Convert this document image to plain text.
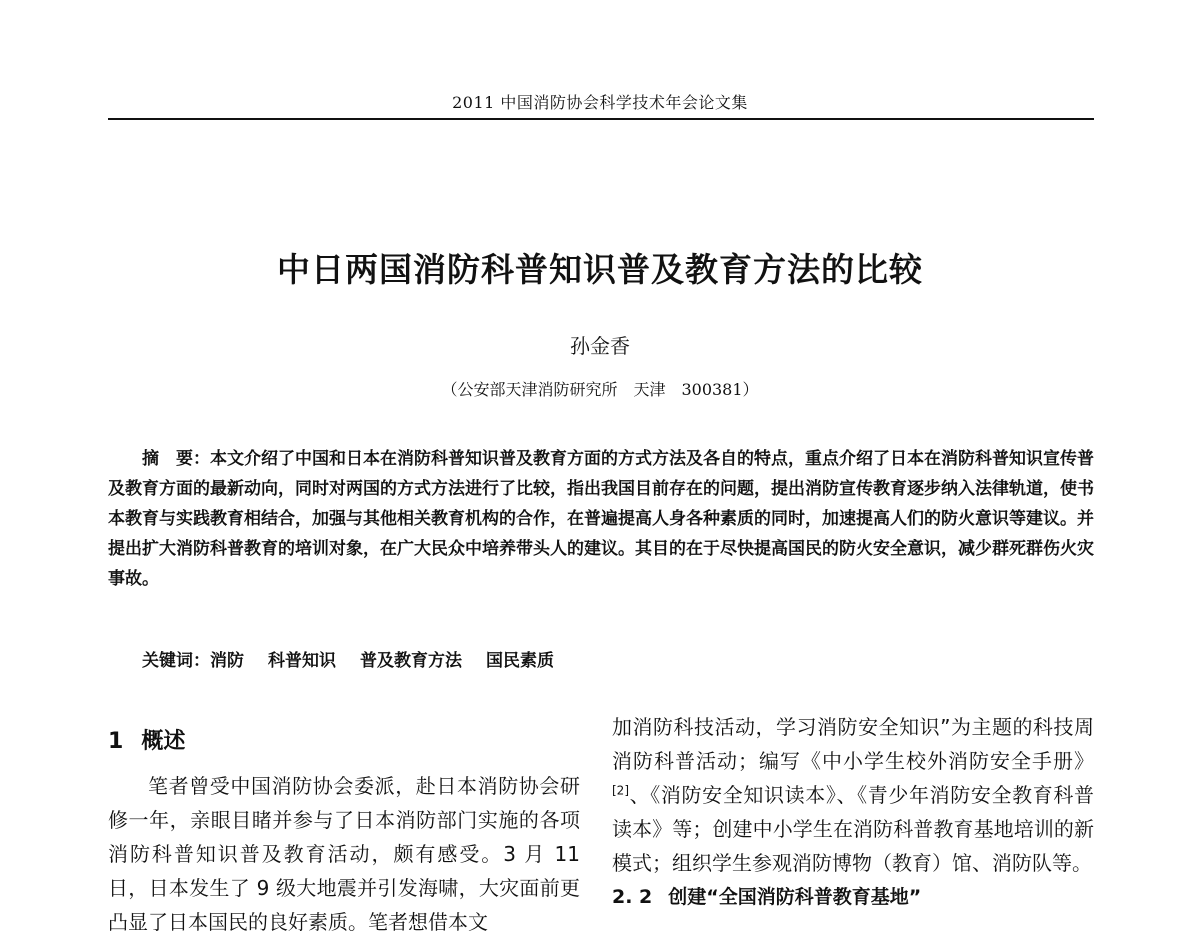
2011 中国消防协会科学技术年会论文集
中日两国消防科普知识普及教育方法的比较
孙金香
（公安部天津消防研究所　天津　300381）
摘　要：本文介绍了中国和日本在消防科普知识普及教育方面的方式方法及各自的特点，重点介绍了日本在消防科普知识宣传普及教育方面的最新动向，同时对两国的方式方法进行了比较，指出我国目前存在的问题，提出消防宣传教育逐步纳入法律轨道，使书本教育与实践教育相结合，加强与其他相关教育机构的合作，在普遍提高人身各种素质的同时，加速提高人们的防火意识等建议。并提出扩大消防科普教育的培训对象，在广大民众中培养带头人的建议。其目的在于尽快提高国民的防火安全意识，减少群死群伤火灾事故。
关键词：消防 科普知识 普及教育方法 国民素质
1 概述

笔者曾受中国消防协会委派，赴日本消防协会研修一年，亲眼目睹并参与了日本消防部门实施的各项消防科普知识普及教育活动，颇有感受。3 月 11 日，日本发生了 9 级大地震并引发海啸，大灾面前更凸显了日本国民的良好素质。笔者想借本文

加消防科技活动，学习消防安全知识”为主题的科技周消防科普活动；编写《中小学生校外消防安全手册》[2]、《消防安全知识读本》、《青少年消防安全教育科普读本》等；创建中小学生在消防科普教育基地培训的新模式；组织学生参观消防博物（教育）馆、消防队等。

2. 2 创建“全国消防科普教育基地”
